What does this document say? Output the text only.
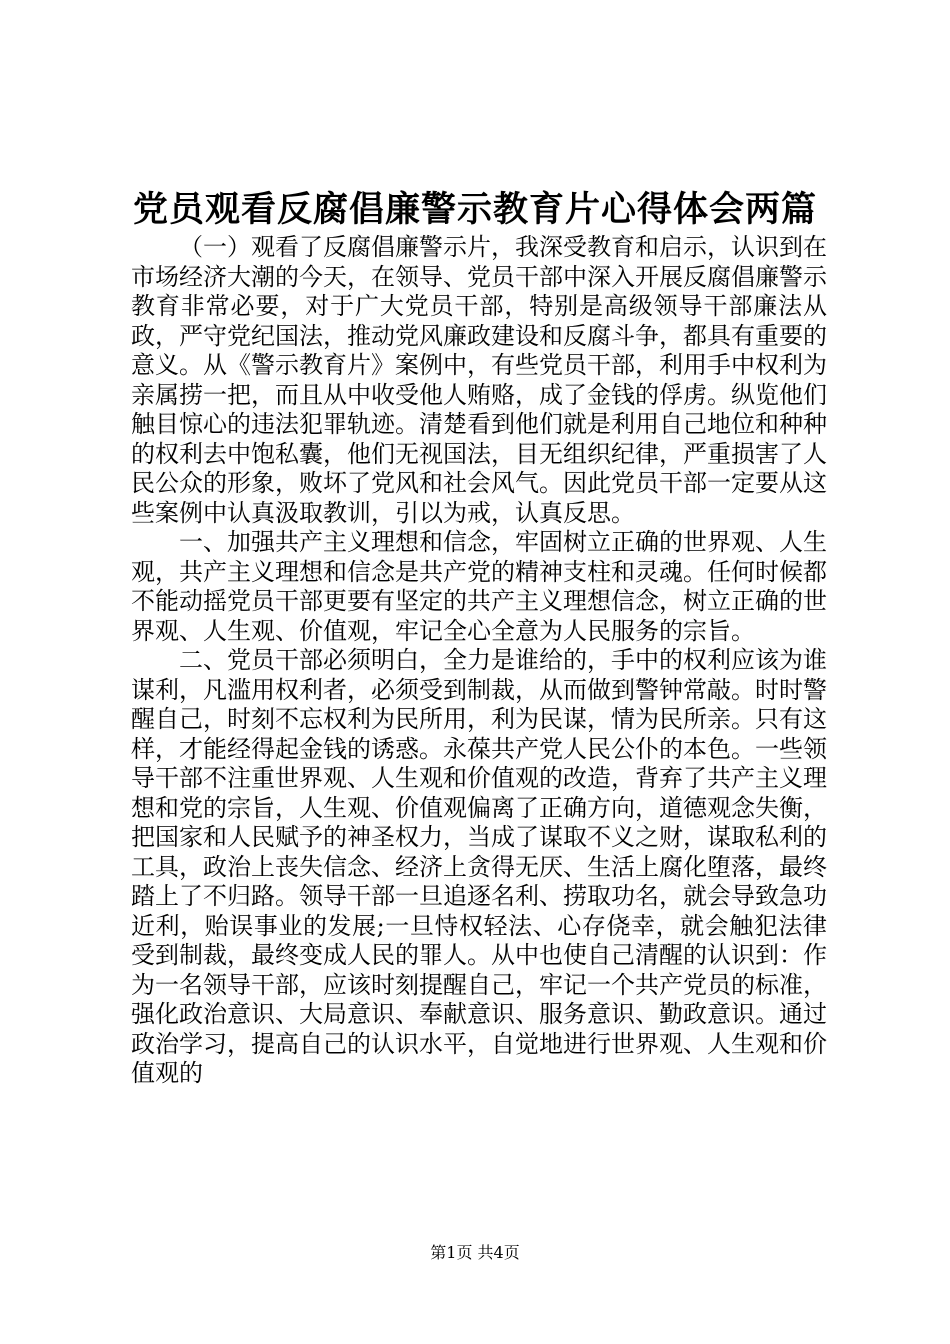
党员观看反腐倡廉警示教育片心得体会两篇

（一）观看了反腐倡廉警示片，我深受教育和启示，认识到在市场经济大潮的今天，在领导、党员干部中深入开展反腐倡廉警示教育非常必要，对于广大党员干部，特别是高级领导干部廉法从政，严守党纪国法，推动党风廉政建设和反腐斗争，都具有重要的意义。从《警示教育片》案例中，有些党员干部，利用手中权利为亲属捞一把，而且从中收受他人贿赂，成了金钱的俘虏。纵览他们触目惊心的违法犯罪轨迹。清楚看到他们就是利用自己地位和种种的权利去中饱私囊，他们无视国法，目无组织纪律，严重损害了人民公众的形象，败坏了党风和社会风气。因此党员干部一定要从这些案例中认真汲取教训，引以为戒，认真反思。

一、加强共产主义理想和信念，牢固树立正确的世界观、人生观，共产主义理想和信念是共产党的精神支柱和灵魂。任何时候都不能动摇党员干部更要有坚定的共产主义理想信念，树立正确的世界观、人生观、价值观，牢记全心全意为人民服务的宗旨。

二、党员干部必须明白，全力是谁给的，手中的权利应该为谁谋利，凡滥用权利者，必须受到制裁，从而做到警钟常敲。时时警醒自己，时刻不忘权利为民所用，利为民谋，情为民所亲。只有这样，才能经得起金钱的诱惑。永葆共产党人民公仆的本色。一些领导干部不注重世界观、人生观和价值观的改造，背弃了共产主义理想和党的宗旨，人生观、价值观偏离了正确方向，道德观念失衡，把国家和人民赋予的神圣权力，当成了谋取不义之财，谋取私利的工具，政治上丧失信念、经济上贪得无厌、生活上腐化堕落，最终踏上了不归路。领导干部一旦追逐名利、捞取功名，就会导致急功近利，贻误事业的发展;一旦恃权轻法、心存侥幸，就会触犯法律受到制裁，最终变成人民的罪人。从中也使自己清醒的认识到：作为一名领导干部，应该时刻提醒自己，牢记一个共产党员的标准，强化政治意识、大局意识、奉献意识、服务意识、勤政意识。通过政治学习，提高自己的认识水平，自觉地进行世界观、人生观和价值观的

第1页 共4页
